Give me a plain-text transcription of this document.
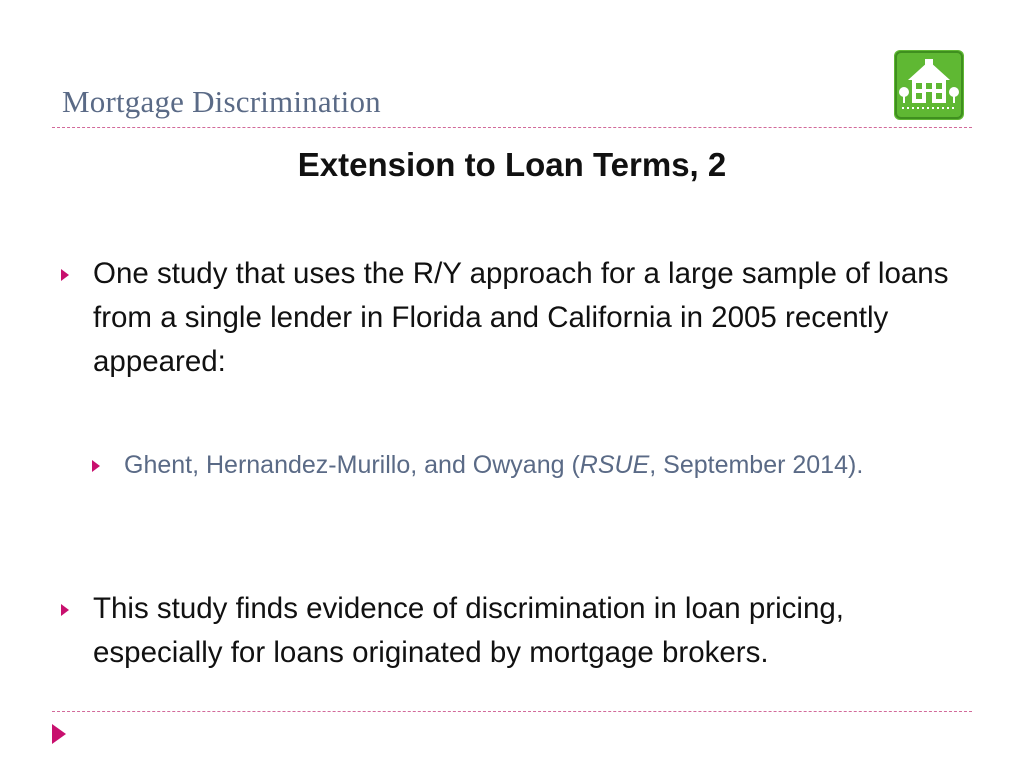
Mortgage Discrimination
Extension to Loan Terms, 2
One study that uses the R/Y approach for a large sample of loans from a single lender in Florida and California in 2005 recently appeared:
Ghent, Hernandez-Murillo, and Owyang (RSUE, September 2014).
This study finds evidence of discrimination in loan pricing, especially for loans originated by mortgage brokers.
